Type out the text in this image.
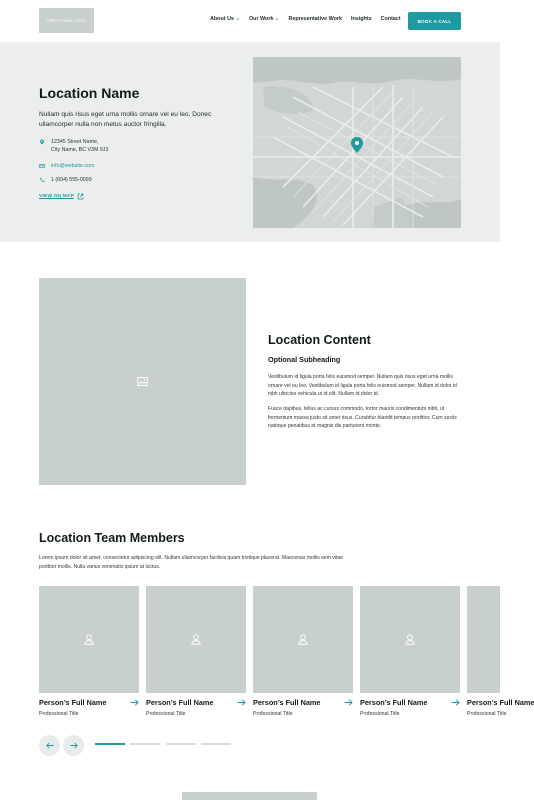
CRESTVIEW LOGO	About Us	Our Work	Representative Work Insights Contact	BOOK A CALL
Location Name
Nullam quis risus eget urna mollis ornare vel eu leo. Donec ullamcorper nulla non metus auctor fringilla.
12345 Street Name,
City Name, BC V3M 9J3
info@website.com
1 (604) 555-0099
VIEW ON MAP
Location Content
Optional Subheading
Vestibulum id ligula porta felis euismod semper. Nullam quis risus eget urna mollis ornare vel eu leo. Vestibulum id ligula porta felis euismod semper. Nullam id dolor id nibh ultricies vehicula ut id elit. Nullam id dolor id.
Fusce dapibus, tellus ac cursus commodo, tortor mauris condimentum nibh, ut fermentum massa justo sit amet risus. Curabitur blandit tempus porttitor. Cum sociis natoque penatibus et magnis dis parturient monte.
Location Team Members
Lorem ipsum dolor sit amet, consectetur adipiscing elit. Nullam ullamcorper facilisis quam tristique placerat. Maecenas mollis sem vitae porttitor mollis. Nulla varius venenatis ipsum at luctus.
Person’s Full Name
Professional Title
Person’s Full Name
Professional Title
Person’s Full Name
Professional Title
Person’s Full Name
Professional Title
Person’s Full Name
Professional Title
